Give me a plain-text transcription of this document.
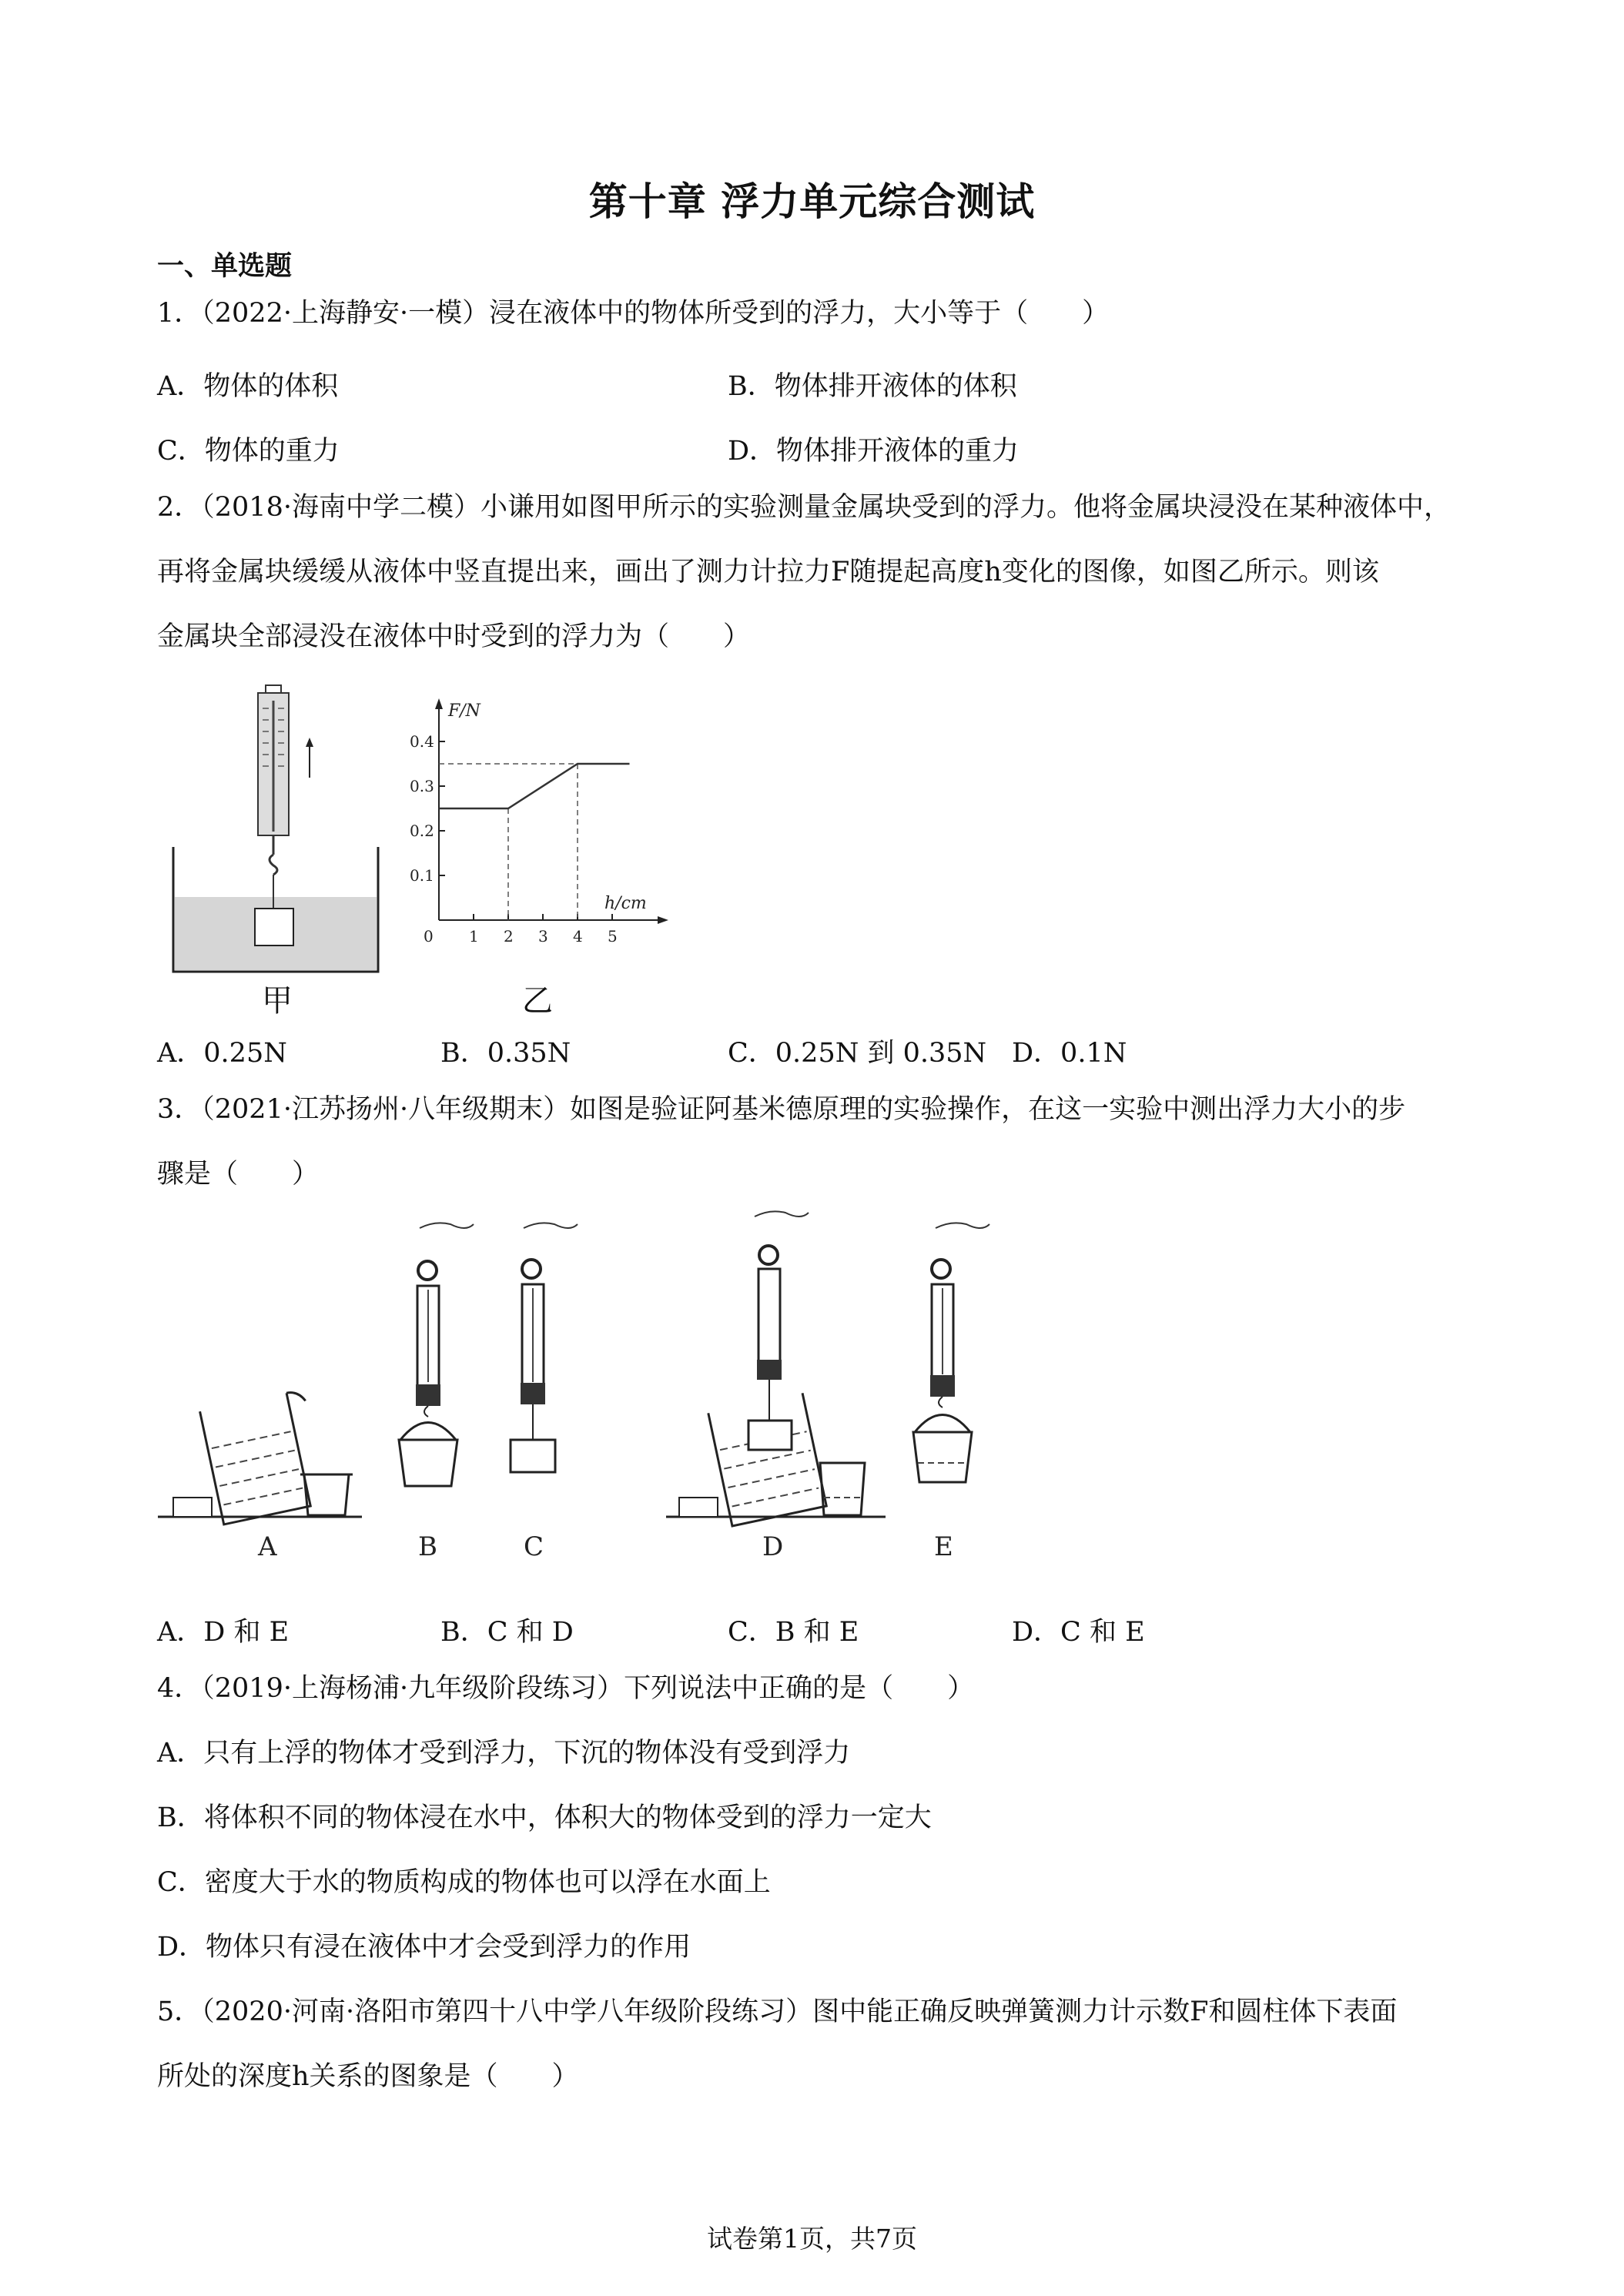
第十章 浮力单元综合测试
一、单选题
1．（2022·上海静安·一模）浸在液体中的物体所受到的浮力，大小等于（　　）
A．物体的体积	B．物体排开液体的体积
C．物体的重力	D．物体排开液体的重力
2．（2018·海南中学二模）小谦用如图甲所示的实验测量金属块受到的浮力。他将金属块浸没在某种液体中，
再将金属块缓缓从液体中竖直提出来，画出了测力计拉力F随提起高度h变化的图像，如图乙所示。则该
金属块全部浸没在液体中时受到的浮力为（　　）
甲
0.1
0.2
0.3
0.4
1 2 3 4 5
F/N
h/cm
0
乙
A．0.25N	B．0.35N	C．0.25N 到 0.35N D．0.1N
3．（2021·江苏扬州·八年级期末）如图是验证阿基米德原理的实验操作，在这一实验中测出浮力大小的步
骤是（　　）
A	B	C	D	E
A．D 和 E	B．C 和 D	C．B 和 E	D．C 和 E
4．（2019·上海杨浦·九年级阶段练习）下列说法中正确的是（　　）
A．只有上浮的物体才受到浮力，下沉的物体没有受到浮力
B．将体积不同的物体浸在水中，体积大的物体受到的浮力一定大
C．密度大于水的物质构成的物体也可以浮在水面上
D．物体只有浸在液体中才会受到浮力的作用
5．（2020·河南·洛阳市第四十八中学八年级阶段练习）图中能正确反映弹簧测力计示数F和圆柱体下表面
所处的深度h关系的图象是（　　）
试卷第1页，共7页
